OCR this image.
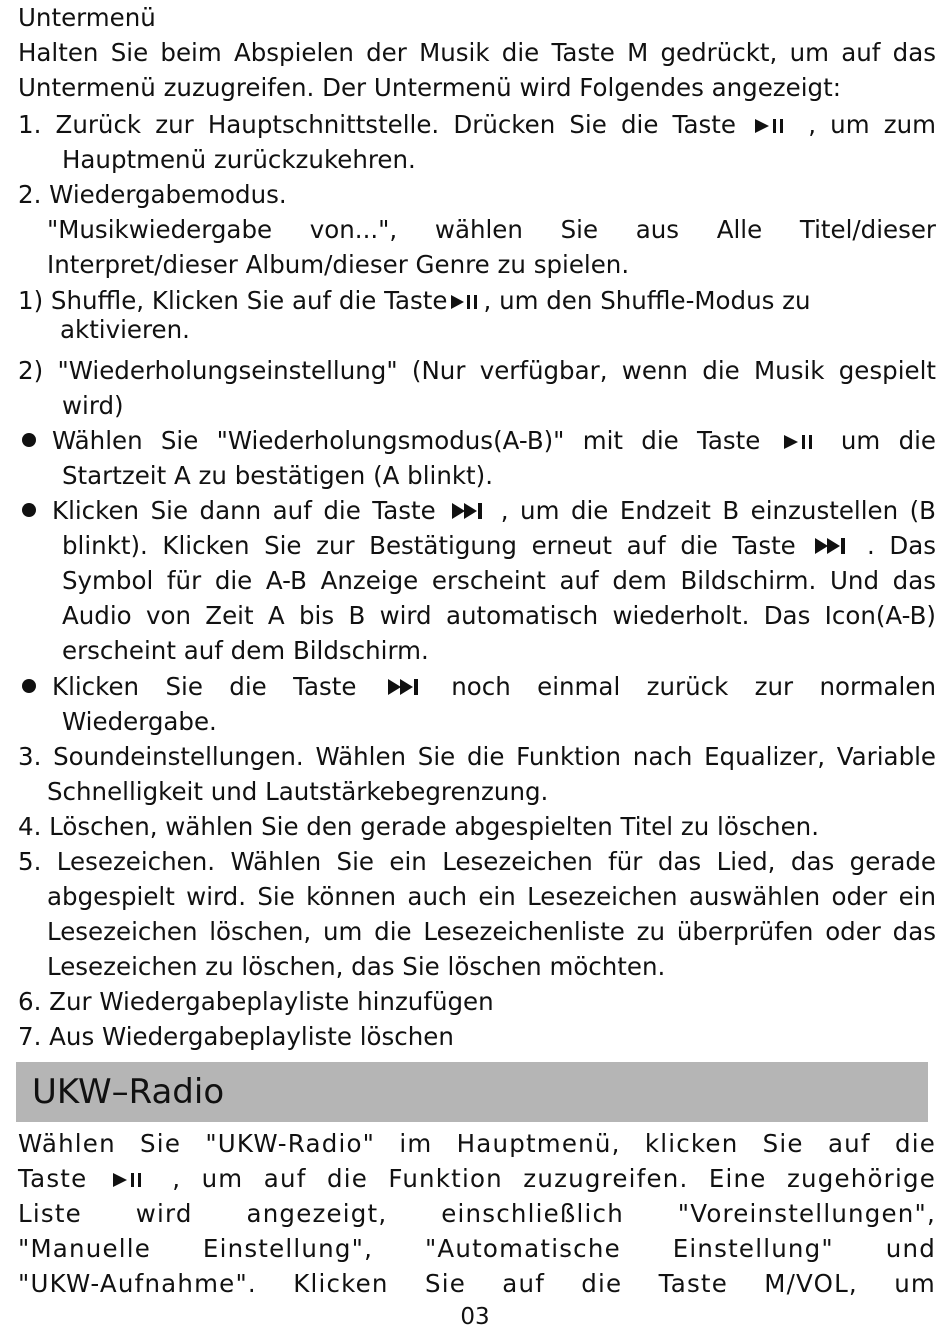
Untermenü
Halten Sie beim Abspielen der Musik die Taste M gedrückt, um auf das
Untermenü zuzugreifen. Der Untermenü wird Folgendes angezeigt:
1. Zurück zur Hauptschnittstelle. Drücken Sie die Taste	, um zum
Hauptmenü zurückzukehren.
2. Wiedergabemodus.
"Musikwiedergabe von...", wählen Sie aus Alle Titel/dieser
Interpret/dieser Album/dieser Genre zu spielen.
1) Shuffle, Klicken Sie auf die Taste , um den Shuffle-Modus zu
aktivieren.
2) "Wiederholungseinstellung" (Nur verfügbar, wenn die Musik gespielt
wird)
Wählen Sie "Wiederholungsmodus(A-B)" mit die Taste	um die
Startzeit A zu bestätigen (A blinkt).
Klicken Sie dann auf die Taste	, um die Endzeit B einzustellen (B
blinkt). Klicken Sie zur Bestätigung erneut auf die Taste	. Das
Symbol für die A-B Anzeige erscheint auf dem Bildschirm. Und das
Audio von Zeit A bis B wird automatisch wiederholt. Das Icon(A-B)
erscheint auf dem Bildschirm.
Klicken Sie die Taste	noch einmal zurück zur normalen
Wiedergabe.
3. Soundeinstellungen. Wählen Sie die Funktion nach Equalizer, Variable
Schnelligkeit und Lautstärkebegrenzung.
4. Löschen, wählen Sie den gerade abgespielten Titel zu löschen.
5. Lesezeichen. Wählen Sie ein Lesezeichen für das Lied, das gerade
abgespielt wird. Sie können auch ein Lesezeichen auswählen oder ein
Lesezeichen löschen, um die Lesezeichenliste zu überprüfen oder das
Lesezeichen zu löschen, das Sie löschen möchten.
6. Zur Wiedergabeplayliste hinzufügen
7. Aus Wiedergabeplayliste löschen
UKW–Radio
Wählen Sie "UKW-Radio" im Hauptmenü, klicken Sie auf die
Taste	, um auf die Funktion zuzugreifen. Eine zugehörige
Liste wird angezeigt, einschließlich "Voreinstellungen",
"Manuelle Einstellung", "Automatische Einstellung" und
"UKW-Aufnahme". Klicken Sie auf die Taste M/VOL, um
03
